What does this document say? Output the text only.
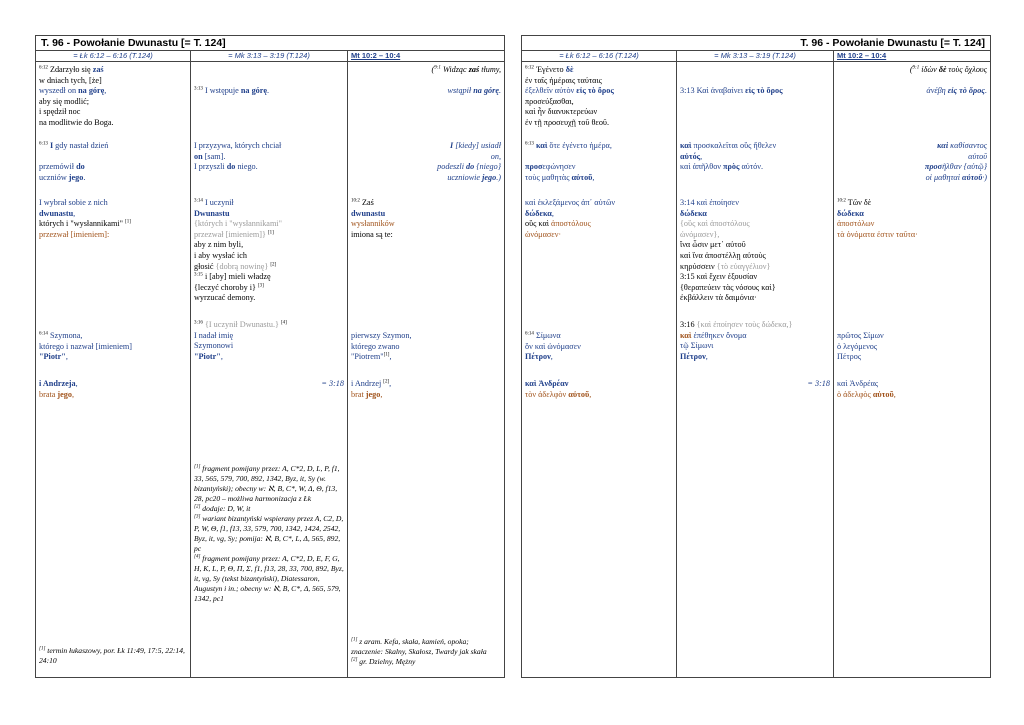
T. 96 - Powołanie Dwunastu [= T. 124]
= Łk 6:12 – 6:16 (T.124)
$^{6:12}$ Zdarzyło się zaś
w dniach tych, [że]
wyszedł on na górę,
aby się modlić;
i spędził noc
na modlitwie do Boga.
$^{6:13}$ I gdy nastał dzień

przemówił do
uczniów jego.
I wybrał sobie z nich
dwunastu,
których i "wysłannikami" [1]
przezwał [imieniem]:
$^{6:14}$ Szymona,
którego i nazwał [imieniem]
"Piotr",
i Andrzeja,
brata jego,
[1] termin łukaszowy, por. Łk 11:49, 17:5, 22:14, 24:10
= Mk 3:13 – 3:19 (T.124)
$^{3:13}$ I wstępuje na górę.
I przyzywa, których chciał
on [sam].
I przyszli do niego.
$^{3:14}$ I uczynił
Dwunastu
{których i "wysłannikami"
przezwał [imieniem]} [1]
aby z nim byli,
i aby wysłać ich
głosić {dobrą nowinę} [2]
$^{3:15}$ i [aby] mieli władzę
{leczyć choroby i} [3]
wyrzucać demony.
$^{3:16}$ {I uczynił Dwunastu.} [4]
I nadał imię
Szymonowi
"Piotr",
= 3:18
[1] fragment pomijany przez: A, C*2, D, L, P, f1, 33, 565, 579, 700, 892, 1342, Byz, it, Sy (w. bizantyński); obecny w: ℵ, B, C*, W, Δ, Θ, f13, 28, pc20 – możliwa harmonizacja z Łk
[2] dodaje: D, W, it
[3] wariant bizantyński wspierany przez A, C2, D, P, W, Θ, f1, f13, 33, 579, 700, 1342, 1424, 2542, Byz, it, vg, Sy; pomija: ℵ, B, C*, L, Δ, 565, 892, pc
[4] fragment pomijany przez: A, C*2, D, E, F, G, H, K, L, P, Θ, Π, Σ, f1, f13, 28, 33, 700, 892, Byz, it, vg, Sy (tekst bizantyński), Diatessaron, Augustyn i in.; obecny w: ℵ, B, C*, Δ, 565, 579, 1342, pc1
Mt 10:2 – 10:4
($^{9:1}$ Widząc zaś tłumy,

wstąpił na górę.
I [kiedy] usiadł
on,
podeszli do {niego}
uczniowie jego.)
$^{10:2}$ Zaś
dwunastu
wysłanników
imiona są te:
pierwszy Szymon,
którego zwano
"Piotrem"[1],
i Andrzej [2],
brat jego,
[1] z aram. Kefa, skała, kamień, opoka; znaczenie: Skalny, Skałosz, Twardy jak skała
[2] gr. Dzielny, Mężny
T. 96 - Powołanie Dwunastu [= T. 124]
= Łk 6:12 – 6:16 (T.124)
$^{6:12}$ Ἐγένετο δὲ
ἐν ταῖς ἡμέραις ταύταις
ἐξελθεῖν αὐτὸν εἰς τὸ ὄρος
προσεύξασθαι,
καὶ ἦν διανυκτερεύων
ἐν τῇ προσευχῇ τοῦ θεοῦ.
$^{6:13}$ καὶ ὅτε ἐγένετο ἡμέρα,

προσεφώνησεν
τοὺς μαθητὰς αὐτοῦ,
καὶ ἐκλεξάμενος ἀπ᾽ αὐτῶν
δώδεκα,
οὓς καὶ ἀποστόλους
ὠνόμασεν·
$^{6:14}$ Σίμωνα
ὃν καὶ ὠνόμασεν
Πέτρον,
καὶ Ἀνδρέαν
τὸν ἀδελφὸν αὐτοῦ,
= Mk 3:13 – 3:19 (T.124)
3:13 Καὶ ἀναβαίνει εἰς τὸ ὄρος
καὶ προσκαλεῖται οὓς ἤθελεν
αὐτός,
καὶ ἀπῆλθον πρὸς αὐτόν.
3:14 καὶ ἐποίησεν
δώδεκα
{οὓς καὶ ἀποστόλους
ὠνόμασεν},
ἵνα ὦσιν μετ᾽ αὐτοῦ
καὶ ἵνα ἀποστέλλῃ αὐτοὺς
κηρύσσειν {τὸ εὐαγγέλιον}
3:15 καὶ ἔχειν ἐξουσίαν
{θεραπεύειν τὰς νόσους καὶ}
ἐκβάλλειν τὰ δαιμόνια·
3:16 {καὶ ἐποίησεν τοὺς δώδεκα,}
καὶ ἐπέθηκεν ὄνομα
τῷ Σίμωνι
Πέτρον,
= 3:18
Mt 10:2 – 10:4
($^{9:1}$ ἰδὼν δὲ τοὺς ὄχλους

ἀνέβη εἰς τὸ ὄρος.
καὶ καθίσαντος
αὐτοῦ
προσῆλθαν {αὐτῷ}
οἱ μαθηταὶ αὐτοῦ·)
$^{10:2}$ Τῶν δὲ
δώδεκα
ἀποστόλων
τὰ ὀνόματα ἐστιν ταῦτα·
πρῶτος Σίμων
ὁ λεγόμενος
Πέτρος
καὶ Ἀνδρέας
ὁ ἀδελφὸς αὐτοῦ,
